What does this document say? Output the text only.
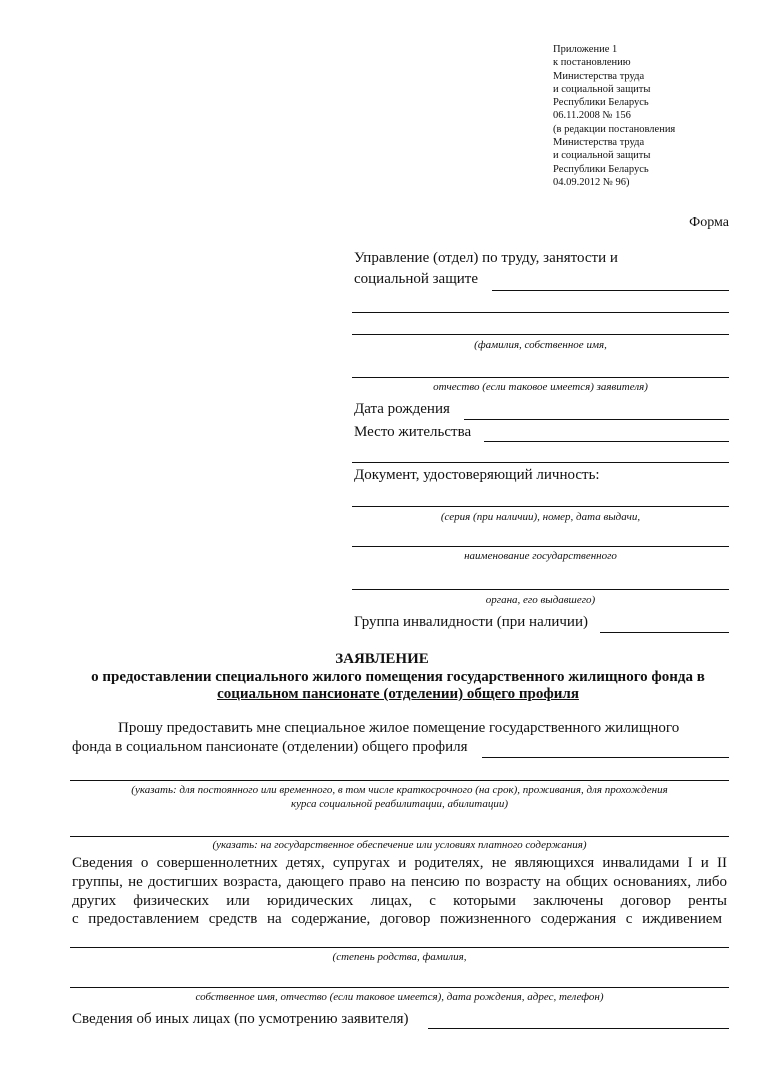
Приложение 1
к постановлению
Министерства труда
и социальной защиты
Республики Беларусь
06.11.2008 № 156
(в редакции постановления
Министерства труда
и социальной защиты
Республики Беларусь
04.09.2012 № 96)
Форма
Управление (отдел) по труду, занятости и
социальной защите
(фамилия, собственное имя,
отчество (если таковое имеется) заявителя)
Дата рождения
Место жительства
Документ, удостоверяющий личность:
(серия (при наличии), номер, дата выдачи,
наименование государственного
органа, его выдавшего)
Группа инвалидности (при наличии)
ЗАЯВЛЕНИЕ
о предоставлении специального жилого помещения государственного жилищного фонда в
социальном пансионате (отделении) общего профиля
Прошу предоставить мне специальное жилое помещение государственного жилищного
фонда в социальном пансионате (отделении) общего профиля
(указать: для постоянного или временного, в том числе краткосрочного (на срок), проживания, для прохождения
курса социальной реабилитации, абилитации)
(указать: на государственное обеспечение или условиях платного содержания)
Сведения о совершеннолетних детях, супругах и родителях, не являющихся инвалидами I и II
группы, не достигших возраста, дающего право на пенсию по возрасту на общих основаниях, либо
других физических или юридических лицах, с которыми заключены договор ренты
с предоставлением средств на содержание, договор пожизненного содержания с иждивением
(степень родства, фамилия,
собственное имя, отчество (если таковое имеется), дата рождения, адрес, телефон)
Сведения об иных лицах (по усмотрению заявителя)
